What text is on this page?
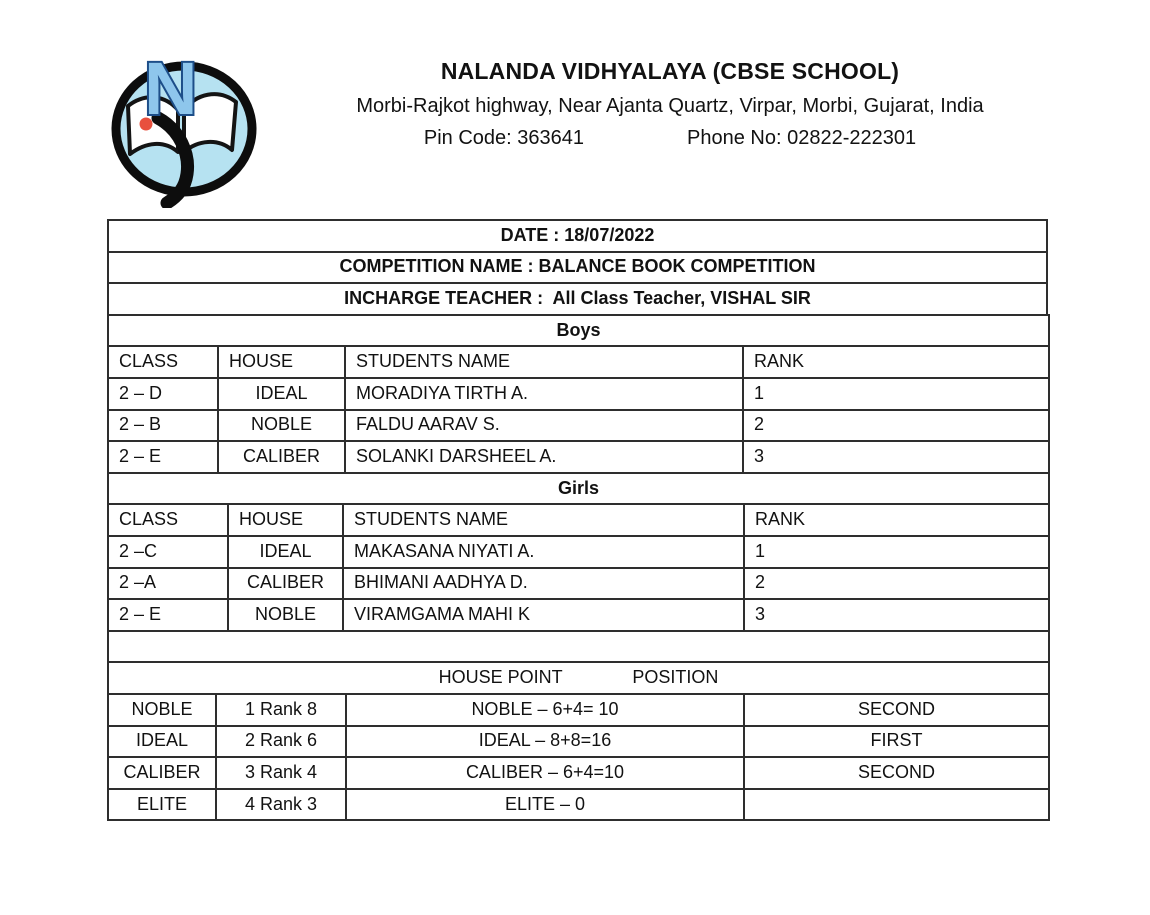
N	NALANDA VIDHYALAYA (CBSE SCHOOL)
Morbi-Rajkot highway, Near Ajanta Quartz, Virpar, Morbi, Gujarat, India
Pin Code: 363641	Phone No: 02822-222301
DATE : 18/07/2022
COMPETITION NAME : BALANCE BOOK COMPETITION
INCHARGE TEACHER :  All Class Teacher, VISHAL SIR
Boys			
CLASS	HOUSE	STUDENTS NAME	RANK
2 – D	IDEAL	MORADIYA TIRTH A.	1
2 – B	NOBLE	FALDU AARAV S.	2
2 – E	CALIBER	SOLANKI DARSHEEL A.	3
Girls			
CLASS	HOUSE	STUDENTS NAME	RANK
2 –C	IDEAL	MAKASANA NIYATI A.	1
2 –A	CALIBER	BHIMANI AADHYA D.	2
2 – E	NOBLE	VIRAMGAMA MAHI K	3

HOUSE POINT              POSITION			
NOBLE	1 Rank 8	NOBLE – 6+4= 10	SECOND
IDEAL	2 Rank 6	IDEAL – 8+8=16	FIRST
CALIBER	3 Rank 4	CALIBER – 6+4=10	SECOND
ELITE	4 Rank 3	ELITE – 0	
